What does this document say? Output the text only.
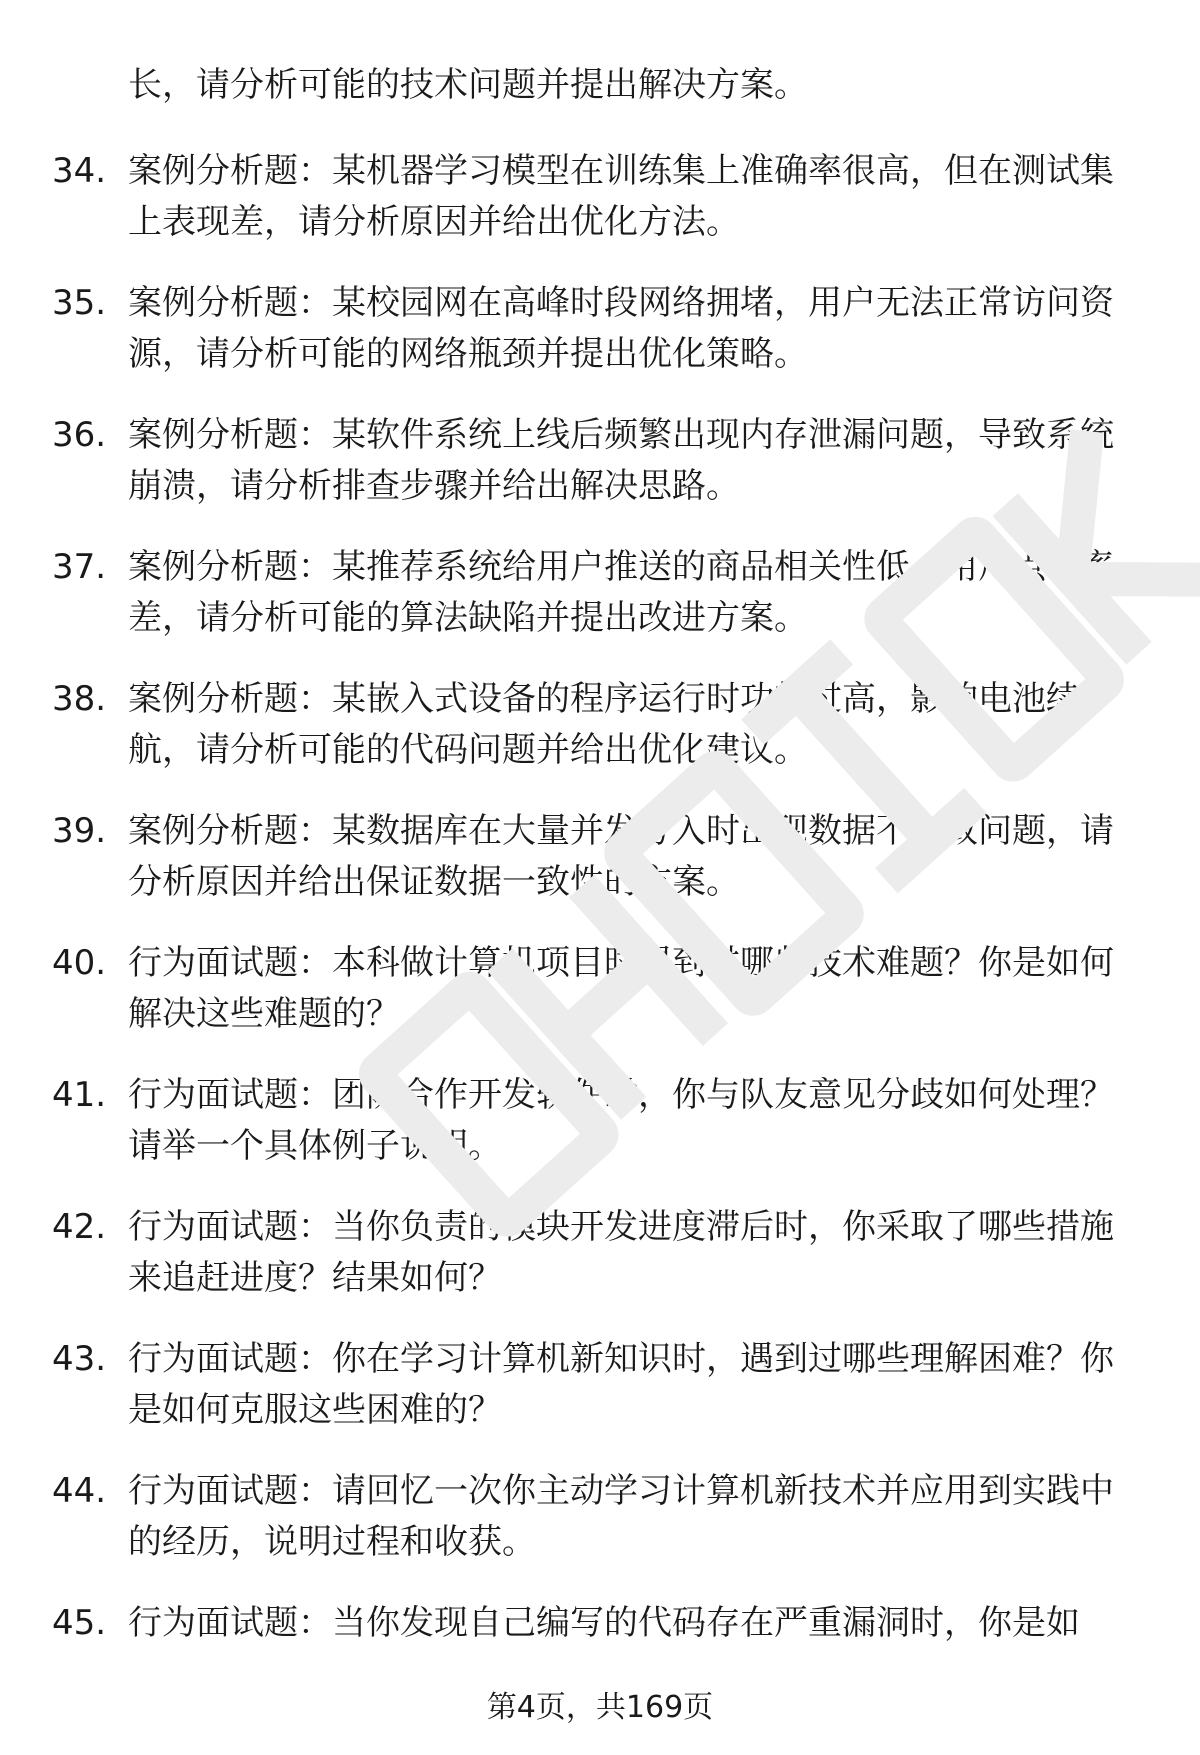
长，请分析可能的技术问题并提出解决方案。
34. 案例分析题：某机器学习模型在训练集上准确率很高，但在测试集上表现差，请分析原因并给出优化方法。
35. 案例分析题：某校园网在高峰时段网络拥堵，用户无法正常访问资源，请分析可能的网络瓶颈并提出优化策略。
36. 案例分析题：某软件系统上线后频繁出现内存泄漏问题，导致系统崩溃，请分析排查步骤并给出解决思路。
37. 案例分析题：某推荐系统给用户推送的商品相关性低，用户点击率差，请分析可能的算法缺陷并提出改进方案。
38. 案例分析题：某嵌入式设备的程序运行时功耗过高，影响电池续航，请分析可能的代码问题并给出优化建议。
39. 案例分析题：某数据库在大量并发写入时出现数据不一致问题，请分析原因并给出保证数据一致性的方案。
40. 行为面试题：本科做计算机项目时遇到过哪些技术难题？你是如何解决这些难题的？
41. 行为面试题：团队合作开发软件时，你与队友意见分歧如何处理？请举一个具体例子说明。
42. 行为面试题：当你负责的模块开发进度滞后时，你采取了哪些措施来追赶进度？结果如何？
43. 行为面试题：你在学习计算机新知识时，遇到过哪些理解困难？你是如何克服这些困难的？
44. 行为面试题：请回忆一次你主动学习计算机新技术并应用到实践中的经历，说明过程和收获。
45. 行为面试题：当你发现自己编写的代码存在严重漏洞时，你是如
第4页，共169页
